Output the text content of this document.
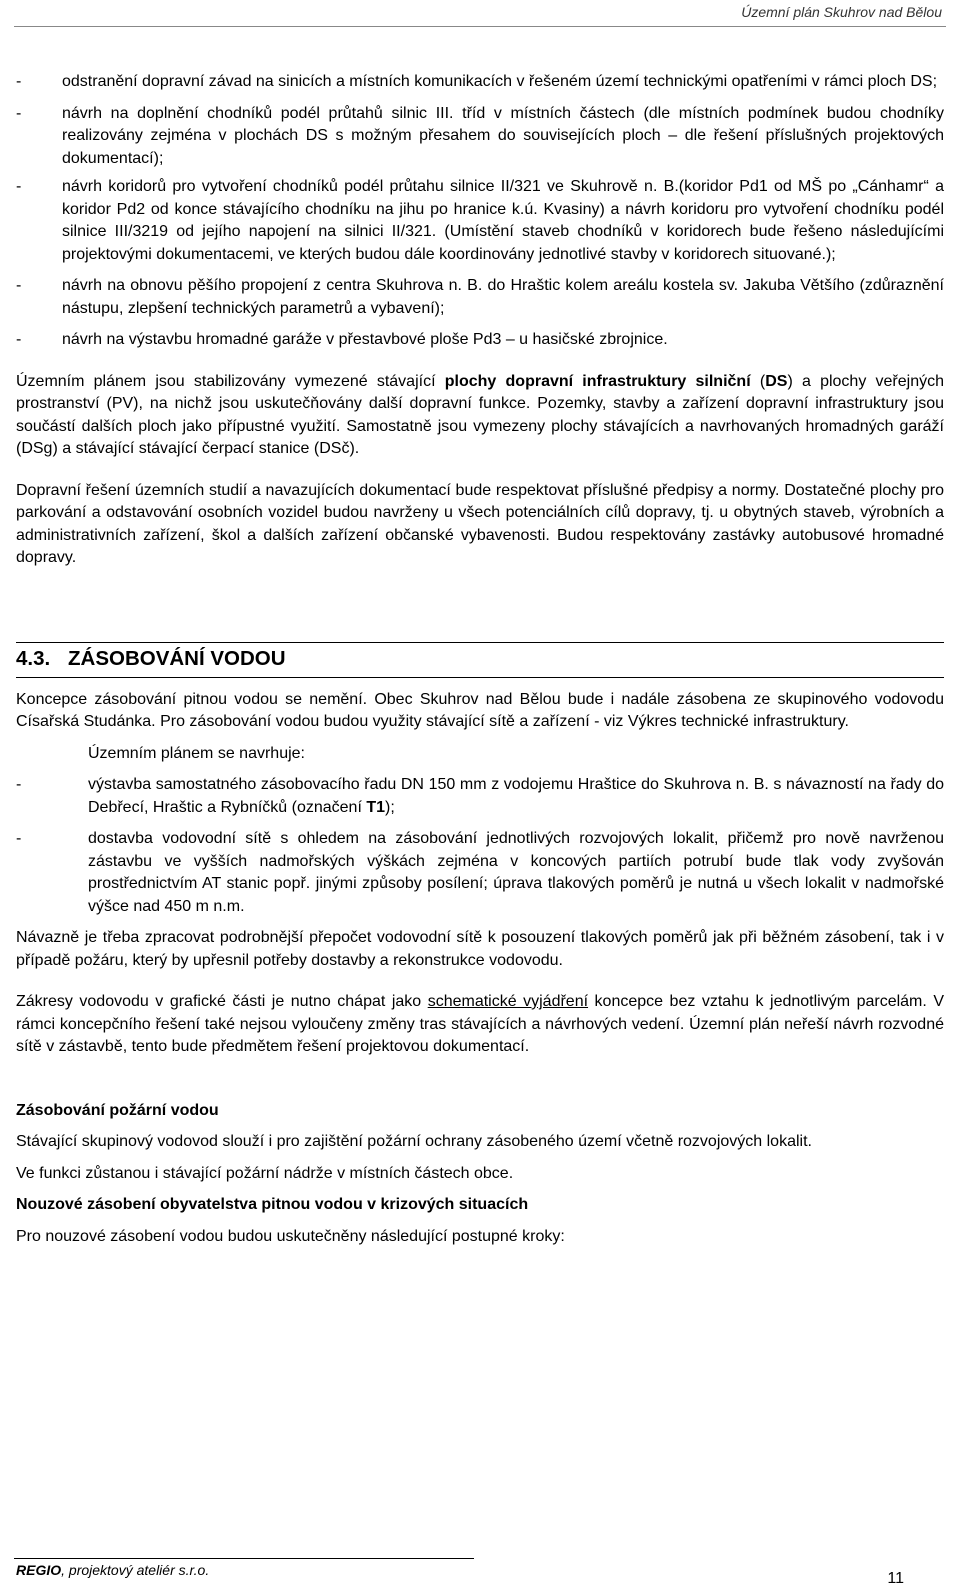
Územní plán Skuhrov nad Bělou
-	odstranění dopravní závad na sinicích a místních komunikacích v řešeném území technickými opatřeními v rámci ploch DS;
-	návrh na doplnění chodníků podél průtahů silnic III. tříd v místních částech (dle místních podmínek budou chodníky realizovány zejména v plochách DS s možným přesahem do souvisejících ploch – dle řešení příslušných projektových dokumentací);
-	návrh koridorů pro vytvoření chodníků podél průtahu silnice II/321 ve Skuhrově n. B.(koridor Pd1 od MŠ po „Cánhamr“ a koridor Pd2 od konce stávajícího chodníku na jihu po hranice k.ú. Kvasiny) a návrh koridoru pro vytvoření chodníku podél silnice III/3219 od jejího napojení na silnici II/321. (Umístění staveb chodníků v koridorech bude řešeno následujícími projektovými dokumentacemi, ve kterých budou dále koordinovány jednotlivé stavby v koridorech situované.);
-	návrh na obnovu pěšího propojení z centra Skuhrova n. B. do Hraštic kolem areálu kostela sv. Jakuba Většího (zdůraznění nástupu, zlepšení technických parametrů a vybavení);
-	návrh na výstavbu hromadné garáže v přestavbové ploše Pd3 – u hasičské zbrojnice.

Územním plánem jsou stabilizovány vymezené stávající plochy dopravní infrastruktury silniční (DS) a plochy veřejných prostranství (PV), na nichž jsou uskutečňovány další dopravní funkce. Pozemky, stavby a zařízení dopravní infrastruktury jsou součástí dalších ploch jako přípustné využití. Samostatně jsou vymezeny plochy stávajících a navrhovaných hromadných garáží (DSg) a stávající stávající čerpací stanice (DSč).

Dopravní řešení územních studií a navazujících dokumentací bude respektovat příslušné předpisy a normy. Dostatečné plochy pro parkování a odstavování osobních vozidel budou navrženy u všech potenciálních cílů dopravy, tj. u obytných staveb, výrobních a administrativních zařízení, škol a dalších zařízení občanské vybavenosti. Budou respektovány zastávky autobusové hromadné dopravy.

4.3. ZÁSOBOVÁNÍ VODOU

Koncepce zásobování pitnou vodou se nemění. Obec Skuhrov nad Bělou bude i nadále zásobena ze skupinového vodovodu Císařská Studánka. Pro zásobování vodou budou využity stávající sítě a zařízení - viz Výkres technické infrastruktury.

Územním plánem se navrhuje:

-	výstavba samostatného zásobovacího řadu DN 150 mm z vodojemu Hraštice do Skuhrova n. B. s návazností na řady do Debřecí, Hraštic a Rybníčků (označení T1);
-	dostavba vodovodní sítě s ohledem na zásobování jednotlivých rozvojových lokalit, přičemž pro nově navrženou zástavbu ve vyšších nadmořských výškách zejména v koncových partiích potrubí bude tlak vody zvyšován prostřednictvím AT stanic popř. jinými způsoby posílení; úprava tlakových poměrů je nutná u všech lokalit v nadmořské výšce nad 450 m n.m.

Návazně je třeba zpracovat podrobnější přepočet vodovodní sítě k posouzení tlakových poměrů jak při běžném zásobení, tak i v případě požáru, který by upřesnil potřeby dostavby a rekonstrukce vodovodu.

Zákresy vodovodu v grafické části je nutno chápat jako schematické vyjádření koncepce bez vztahu k jednotlivým parcelám. V rámci koncepčního řešení také nejsou vyloučeny změny tras stávajících a návrhových vedení. Územní plán neřeší návrh rozvodné sítě v zástavbě, tento bude předmětem řešení projektovou dokumentací.

Zásobování požární vodou

Stávající skupinový vodovod slouží i pro zajištění požární ochrany zásobeného území včetně rozvojových lokalit.

Ve funkci zůstanou i stávající požární nádrže v místních částech obce.

Nouzové zásobení obyvatelstva pitnou vodou v krizových situacích

Pro nouzové zásobení vodou budou uskutečněny následující postupné kroky:

REGIO, projektový ateliér s.r.o.	11
